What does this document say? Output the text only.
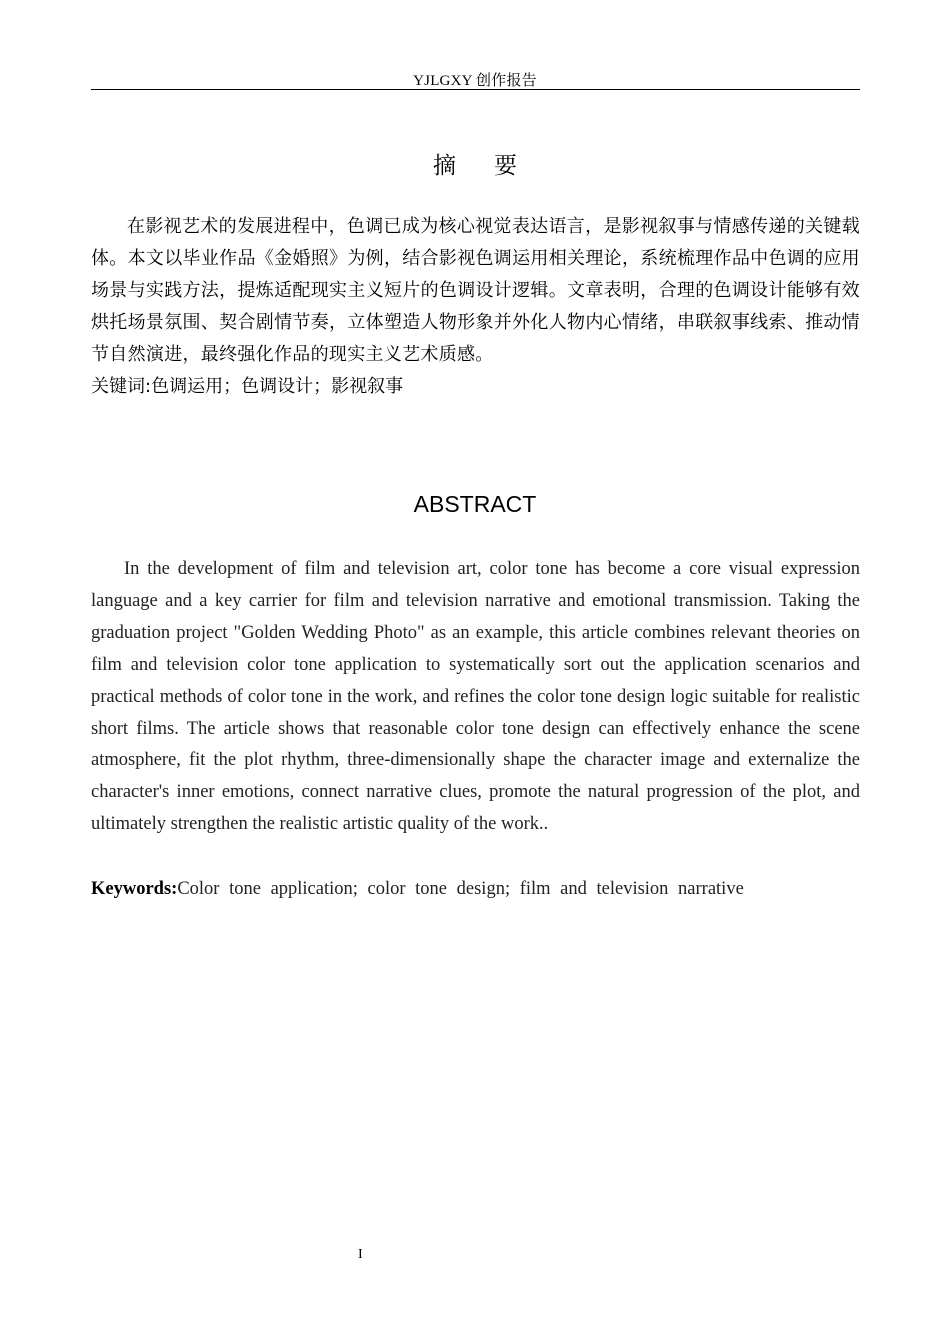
YJLGXY 创作报告
摘要

在影视艺术的发展进程中，色调已成为核心视觉表达语言，是影视叙事与情感传递的关键载体。本文以毕业作品《金婚照》为例，结合影视色调运用相关理论，系统梳理作品中色调的应用场景与实践方法，提炼适配现实主义短片的色调设计逻辑。文章表明，合理的色调设计能够有效烘托场景氛围、契合剧情节奏，立体塑造人物形象并外化人物内心情绪，串联叙事线索、推动情节自然演进，最终强化作品的现实主义艺术质感。

关键词:色调运用；色调设计；影视叙事
ABSTRACT

In the development of film and television art, color tone has become a core visual expression language and a key carrier for film and television narrative and emotional transmission. Taking the graduation project "Golden Wedding Photo" as an example, this article combines relevant theories on film and television color tone application to systematically sort out the application scenarios and practical methods of color tone in the work, and refines the color tone design logic suitable for realistic short films. The article shows that reasonable color tone design can effectively enhance the scene atmosphere, fit the plot rhythm, three-dimensionally shape the character image and externalize the character's inner emotions, connect narrative clues, promote the natural progression of the plot, and ultimately strengthen the realistic artistic quality of the work..

Keywords:Color tone application; color tone design; film and television narrative
I
